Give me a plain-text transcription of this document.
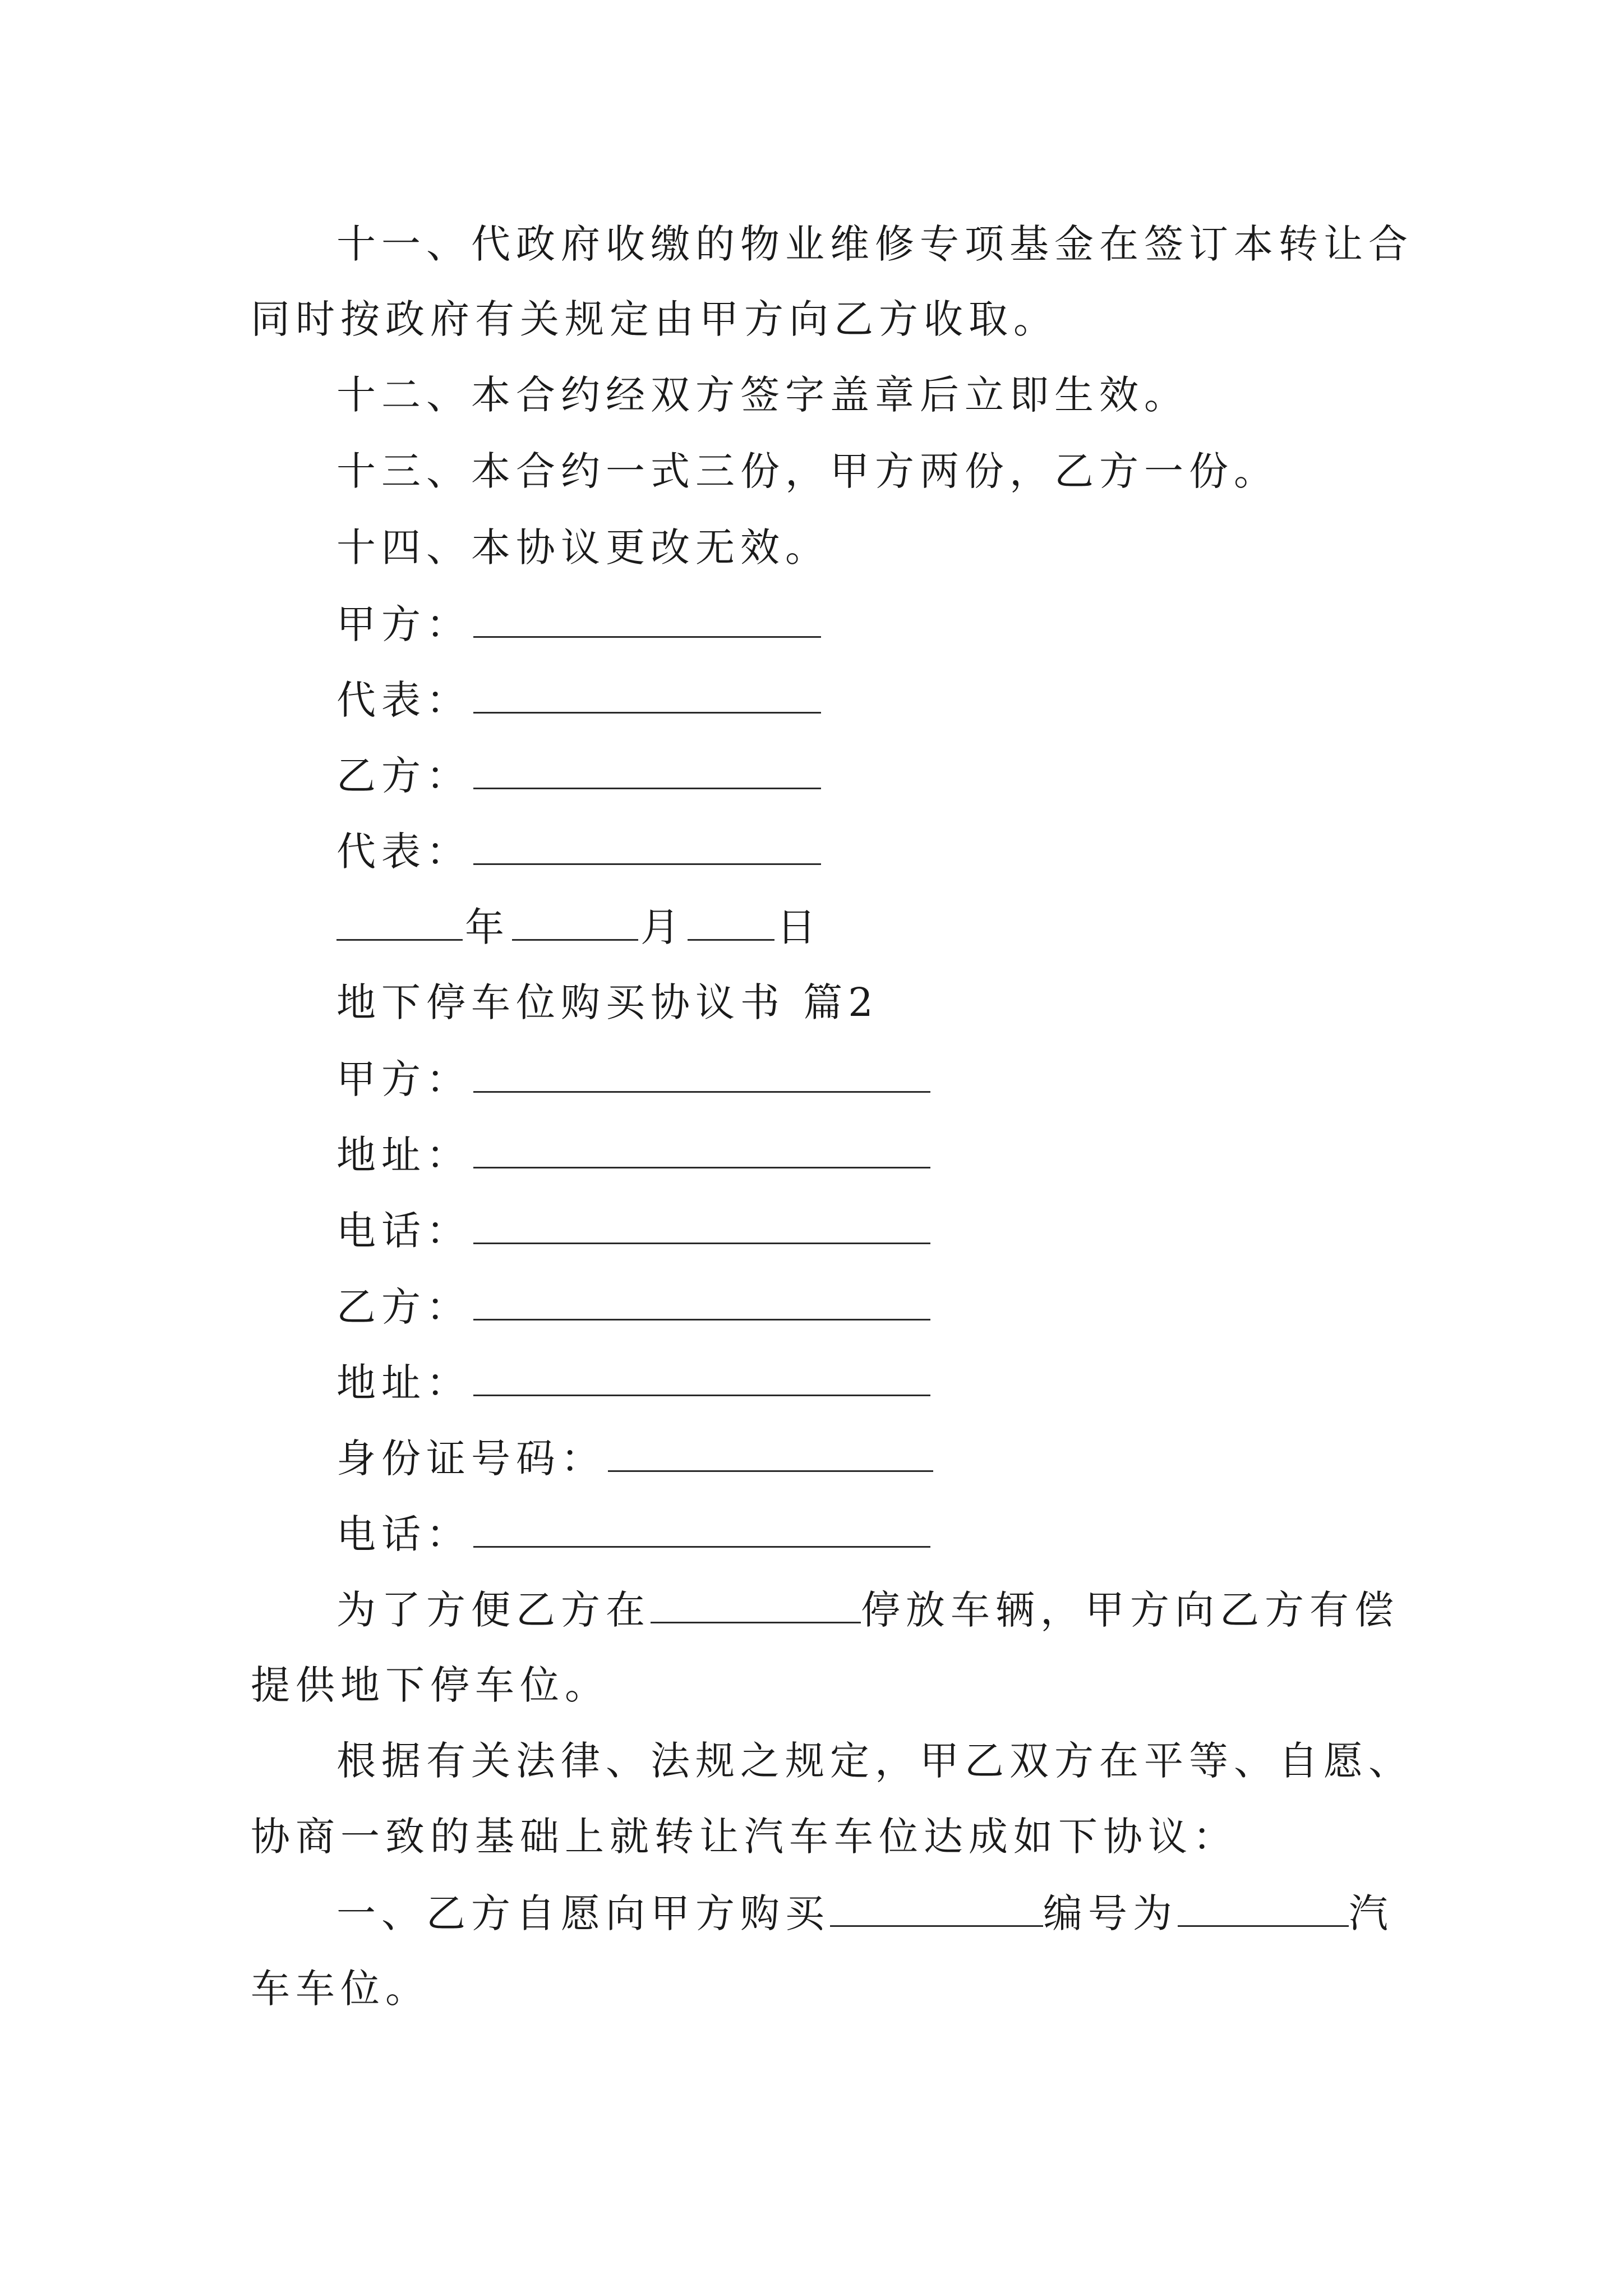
十一、代政府收缴的物业维修专项基金在签订本转让合
同时按政府有关规定由甲方向乙方收取。
十二、本合约经双方签字盖章后立即生效。
十三、本合约一式三份，甲方两份，乙方一份。
十四、本协议更改无效。
甲方：
代表：
乙方：
代表：
年	月 日
地下停车位购买协议书 篇2
甲方：
地址：
电话：
乙方：
地址：
身份证号码：
电话：
为了方便乙方在	停放车辆，甲方向乙方有偿
提供地下停车位。
根据有关法律、法规之规定，甲乙双方在平等、自愿、
协商一致的基础上就转让汽车车位达成如下协议：
一、乙方自愿向甲方购买	编号为	汽
车车位。
